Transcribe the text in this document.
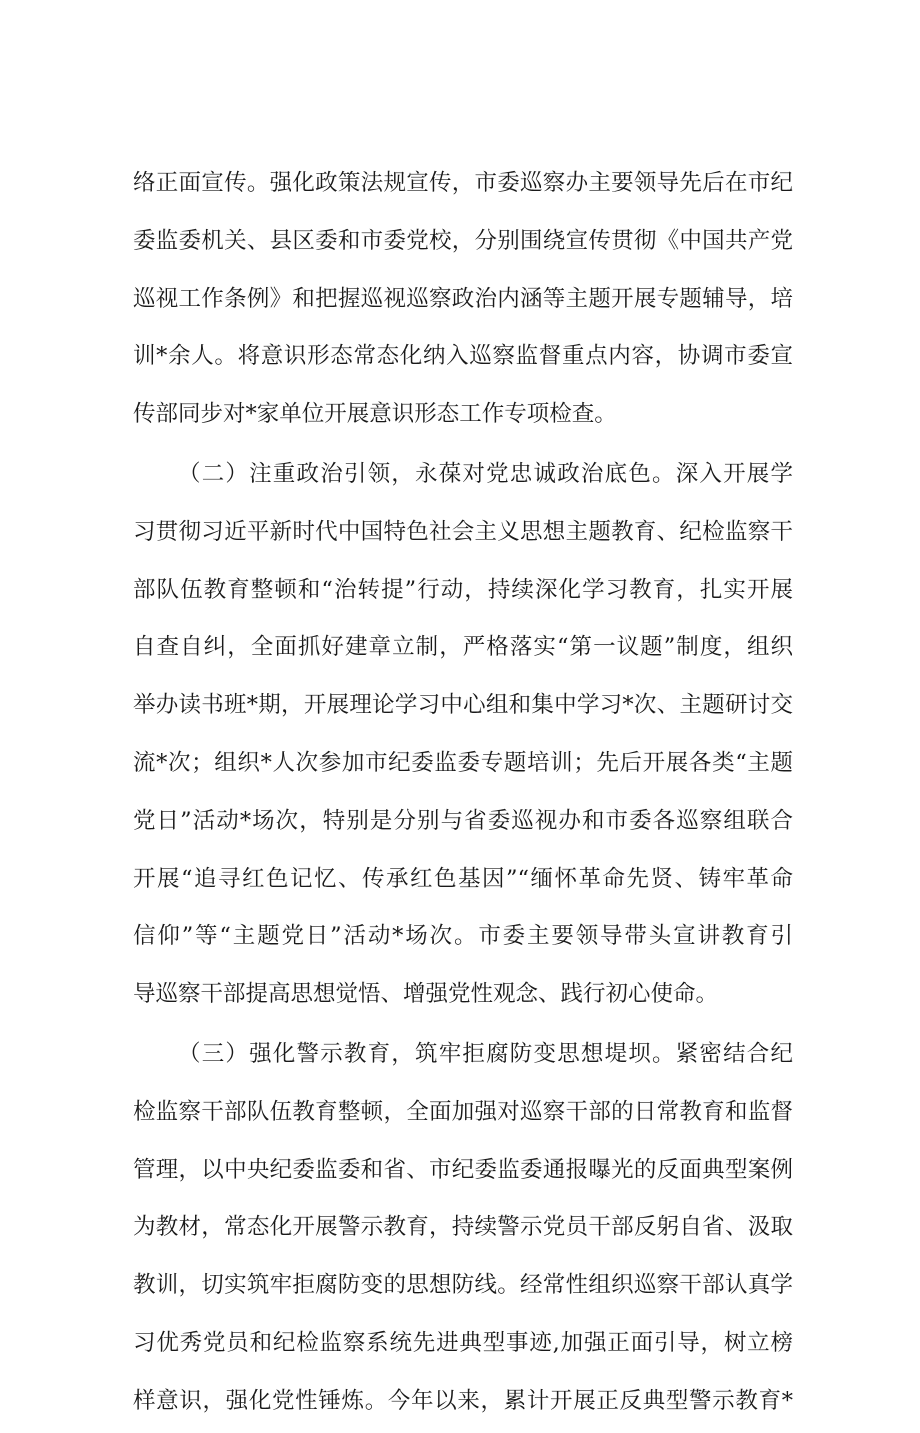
络正面宣传。强化政策法规宣传，市委巡察办主要领导先后在市纪
委监委机关、县区委和市委党校，分别围绕宣传贯彻《中国共产党
巡视工作条例》和把握巡视巡察政治内涵等主题开展专题辅导，培
训*余人。将意识形态常态化纳入巡察监督重点内容，协调市委宣
传部同步对*家单位开展意识形态工作专项检查。
（二）注重政治引领，永葆对党忠诚政治底色。深入开展学
习贯彻习近平新时代中国特色社会主义思想主题教育、纪检监察干
部队伍教育整顿和“治转提”行动，持续深化学习教育，扎实开展
自查自纠，全面抓好建章立制，严格落实“第一议题”制度，组织
举办读书班*期，开展理论学习中心组和集中学习*次、主题研讨交
流*次；组织*人次参加市纪委监委专题培训；先后开展各类“主题
党日”活动*场次，特别是分别与省委巡视办和市委各巡察组联合
开展“追寻红色记忆、传承红色基因”“缅怀革命先贤、铸牢革命
信仰”等“主题党日”活动*场次。市委主要领导带头宣讲教育引
导巡察干部提高思想觉悟、增强党性观念、践行初心使命。
（三）强化警示教育，筑牢拒腐防变思想堤坝。紧密结合纪
检监察干部队伍教育整顿，全面加强对巡察干部的日常教育和监督
管理，以中央纪委监委和省、市纪委监委通报曝光的反面典型案例
为教材，常态化开展警示教育，持续警示党员干部反躬自省、汲取
教训，切实筑牢拒腐防变的思想防线。经常性组织巡察干部认真学
习优秀党员和纪检监察系统先进典型事迹,加强正面引导，树立榜
样意识，强化党性锤炼。今年以来，累计开展正反典型警示教育*
